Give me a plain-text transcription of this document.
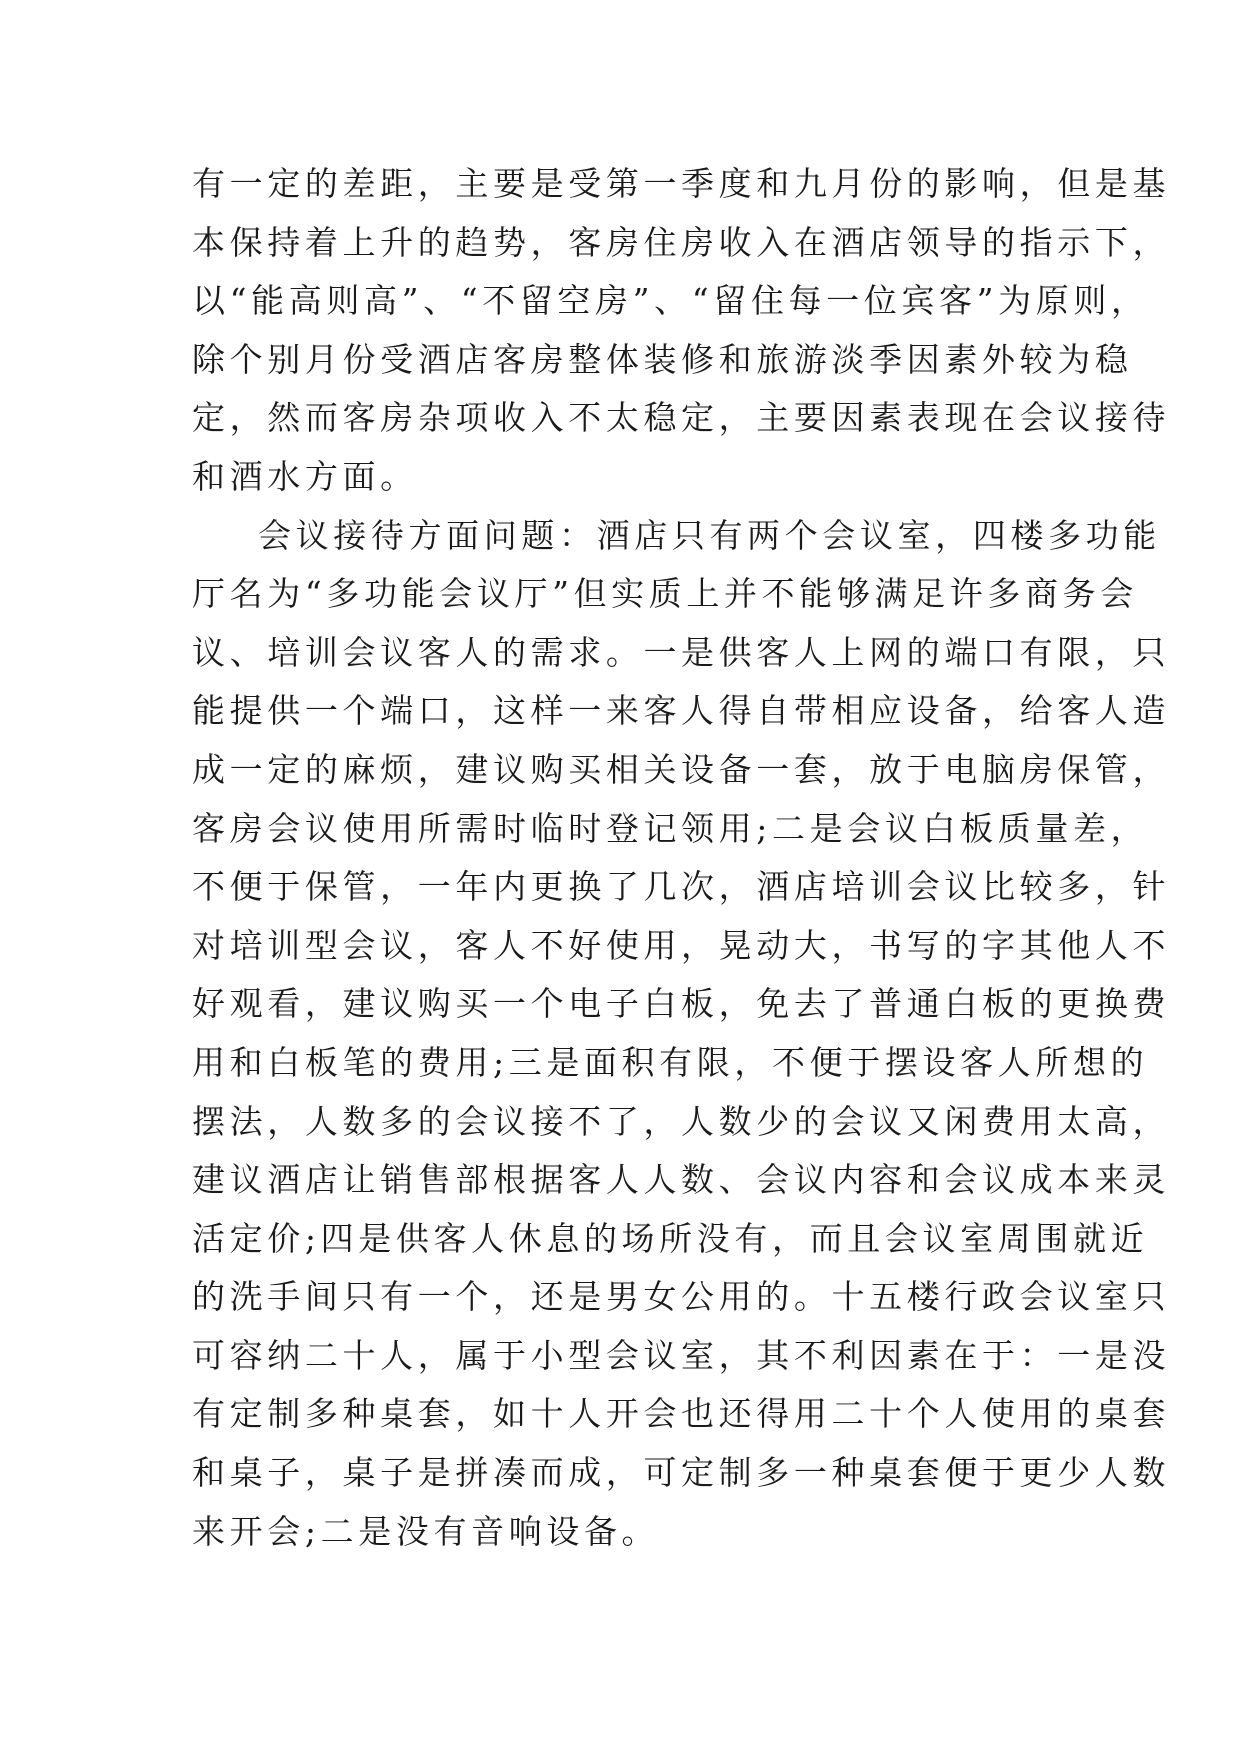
有一定的差距，主要是受第一季度和九月份的影响，但是基
本保持着上升的趋势，客房住房收入在酒店领导的指示下，
以“能高则高”、“不留空房”、“留住每一位宾客”为原则，
除个别月份受酒店客房整体装修和旅游淡季因素外较为稳
定，然而客房杂项收入不太稳定，主要因素表现在会议接待
和酒水方面。
会议接待方面问题：酒店只有两个会议室，四楼多功能
厅名为“多功能会议厅”但实质上并不能够满足许多商务会
议、培训会议客人的需求。一是供客人上网的端口有限，只
能提供一个端口，这样一来客人得自带相应设备，给客人造
成一定的麻烦，建议购买相关设备一套，放于电脑房保管，
客房会议使用所需时临时登记领用;二是会议白板质量差，
不便于保管，一年内更换了几次，酒店培训会议比较多，针
对培训型会议，客人不好使用，晃动大，书写的字其他人不
好观看，建议购买一个电子白板，免去了普通白板的更换费
用和白板笔的费用;三是面积有限，不便于摆设客人所想的
摆法，人数多的会议接不了，人数少的会议又闲费用太高，
建议酒店让销售部根据客人人数、会议内容和会议成本来灵
活定价;四是供客人休息的场所没有，而且会议室周围就近
的洗手间只有一个，还是男女公用的。十五楼行政会议室只
可容纳二十人，属于小型会议室，其不利因素在于：一是没
有定制多种桌套，如十人开会也还得用二十个人使用的桌套
和桌子，桌子是拼凑而成，可定制多一种桌套便于更少人数
来开会;二是没有音响设备。
